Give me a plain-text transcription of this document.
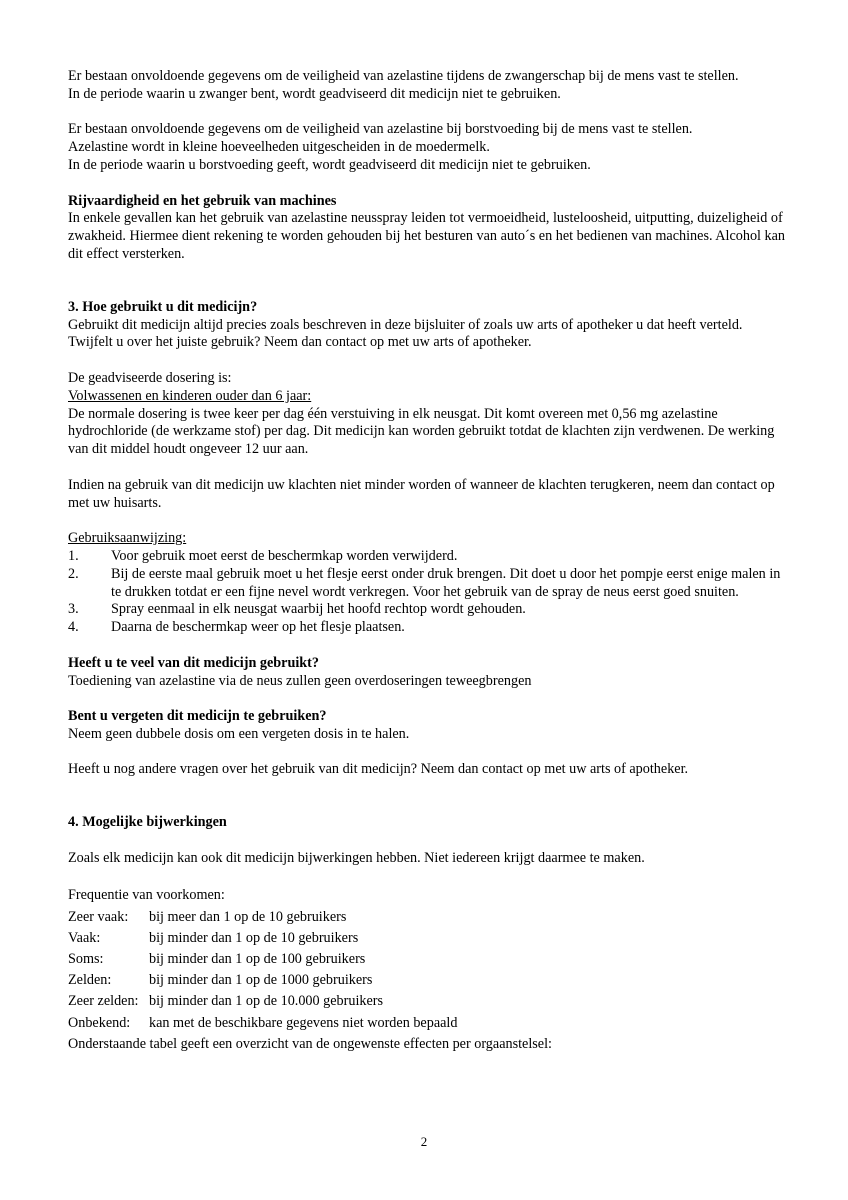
Er bestaan onvoldoende gegevens om de veiligheid van azelastine tijdens de zwangerschap bij de mens vast te stellen.

In de periode waarin u zwanger bent, wordt geadviseerd dit medicijn niet te gebruiken.

Er bestaan onvoldoende gegevens om de veiligheid van azelastine bij borstvoeding bij de mens vast te stellen.

Azelastine wordt in kleine hoeveelheden uitgescheiden in de moedermelk.

In de periode waarin u borstvoeding geeft, wordt geadviseerd dit medicijn niet te gebruiken.

Rijvaardigheid en het gebruik van machines

In enkele gevallen kan het gebruik van azelastine neusspray leiden tot vermoeidheid, lusteloosheid, uitputting, duizeligheid of zwakheid. Hiermee dient rekening te worden gehouden bij het besturen van auto´s en het bedienen van machines. Alcohol kan dit effect versterken.

3. Hoe gebruikt u dit medicijn?

Gebruikt dit medicijn altijd precies zoals beschreven in deze bijsluiter of zoals uw arts of apotheker u dat heeft verteld. Twijfelt u over het juiste gebruik? Neem dan contact op met uw arts of apotheker.

De geadviseerde dosering is:

Volwassenen en kinderen ouder dan 6 jaar:

De normale dosering is twee keer per dag één verstuiving in elk neusgat. Dit komt overeen met 0,56 mg azelastine hydrochloride (de werkzame stof) per dag. Dit medicijn kan worden gebruikt totdat de klachten zijn verdwenen. De werking van dit middel houdt ongeveer 12 uur aan.

Indien na gebruik van dit medicijn uw klachten niet minder worden of wanneer de klachten terugkeren, neem dan contact op met uw huisarts.

Gebruiksaanwijzing:

1.	Voor gebruik moet eerst de beschermkap worden verwijderd.
2.	Bij de eerste maal gebruik moet u het flesje eerst onder druk brengen. Dit doet u door het pompje eerst enige malen in te drukken totdat er een fijne nevel wordt verkregen. Voor het gebruik van de spray de neus eerst goed snuiten.
3.	Spray eenmaal in elk neusgat waarbij het hoofd rechtop wordt gehouden.
4.	Daarna de beschermkap weer op het flesje plaatsen.

Heeft u te veel van dit medicijn gebruikt?

Toediening van azelastine via de neus zullen geen overdoseringen teweegbrengen

Bent u vergeten dit medicijn te gebruiken?

Neem geen dubbele dosis om een vergeten dosis in te halen.

Heeft u nog andere vragen over het gebruik van dit medicijn? Neem dan contact op met uw arts of apotheker.

4. Mogelijke bijwerkingen

Zoals elk medicijn kan ook dit medicijn bijwerkingen hebben. Niet iedereen krijgt daarmee te maken.

Frequentie van voorkomen:

Zeer vaak:	bij meer dan 1 op de 10 gebruikers
Vaak:	bij minder dan 1 op de 10 gebruikers
Soms:	bij minder dan 1 op de 100 gebruikers
Zelden:	bij minder dan 1 op de 1000 gebruikers
Zeer zelden: bij minder dan 1 op de 10.000 gebruikers
Onbekend:	kan met de beschikbare gegevens niet worden bepaald

Onderstaande tabel geeft een overzicht van de ongewenste effecten per orgaanstelsel:

2
